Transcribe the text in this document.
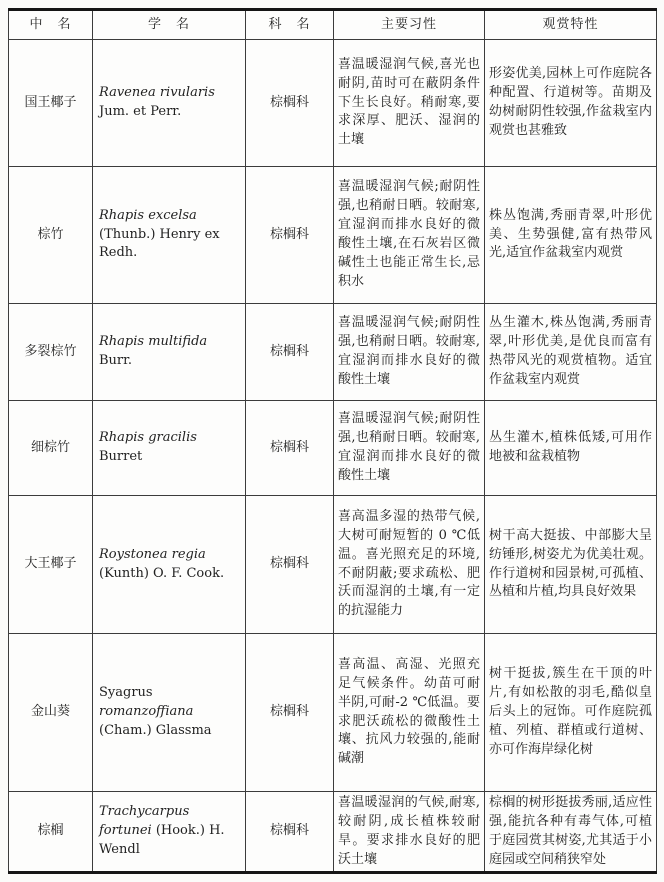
中　名	学　名	科　名	主要习性	观赏特性
国王椰子	Ravenea rivularis Jum. et Perr.	棕榈科	喜温暖湿润气候,喜光也耐阴,苗时可在蔽阴条件下生长良好。稍耐寒,要求深厚、肥沃、湿润的土壤	形姿优美,园林上可作庭院各种配置、行道树等。苗期及幼树耐阴性较强,作盆栽室内观赏也甚雅致
棕竹	Rhapis excelsa (Thunb.) Henry ex Redh.	棕榈科	喜温暖湿润气候;耐阴性强,也稍耐日晒。较耐寒,宜湿润而排水良好的微酸性土壤,在石灰岩区微碱性土也能正常生长,忌积水	株丛饱满,秀丽青翠,叶形优美、生势强健,富有热带风光,适宜作盆栽室内观赏
多裂棕竹	Rhapis multifida Burr.	棕榈科	喜温暖湿润气候;耐阴性强,也稍耐日晒。较耐寒,宜湿润而排水良好的微酸性土壤	丛生灌木,株丛饱满,秀丽青翠,叶形优美,是优良而富有热带风光的观赏植物。适宜作盆栽室内观赏
细棕竹	Rhapis gracilis Burret	棕榈科	喜温暖湿润气候;耐阴性强,也稍耐日晒。较耐寒,宜湿润而排水良好的微酸性土壤	丛生灌木,植株低矮,可用作地被和盆栽植物
大王椰子	Roystonea regia (Kunth) O. F. Cook.	棕榈科	喜高温多湿的热带气候,大树可耐短暂的 0 ℃低温。喜光照充足的环境,不耐阴蔽;要求疏松、肥沃而湿润的土壤,有一定的抗湿能力	树干高大挺拔、中部膨大呈纺锤形,树姿尤为优美壮观。作行道树和园景树,可孤植、丛植和片植,均具良好效果
金山葵	Syagrus romanzoffiana (Cham.) Glassma	棕榈科	喜高温、高湿、光照充足气候条件。幼苗可耐半阴,可耐-2 ℃低温。要求肥沃疏松的微酸性土壤、抗风力较强的,能耐碱潮	树干挺拔,簇生在干顶的叶片,有如松散的羽毛,酷似皇后头上的冠饰。可作庭院孤植、列植、群植或行道树、亦可作海岸绿化树
棕榈	Trachycarpus fortunei (Hook.) H. Wendl	棕榈科	喜温暖湿润的气候,耐寒,较耐阴,成长植株较耐旱。要求排水良好的肥沃土壤	棕榈的树形挺拔秀丽,适应性强,能抗各种有毒气体,可植于庭园赏其树姿,尤其适于小庭园或空间稍狭窄处
